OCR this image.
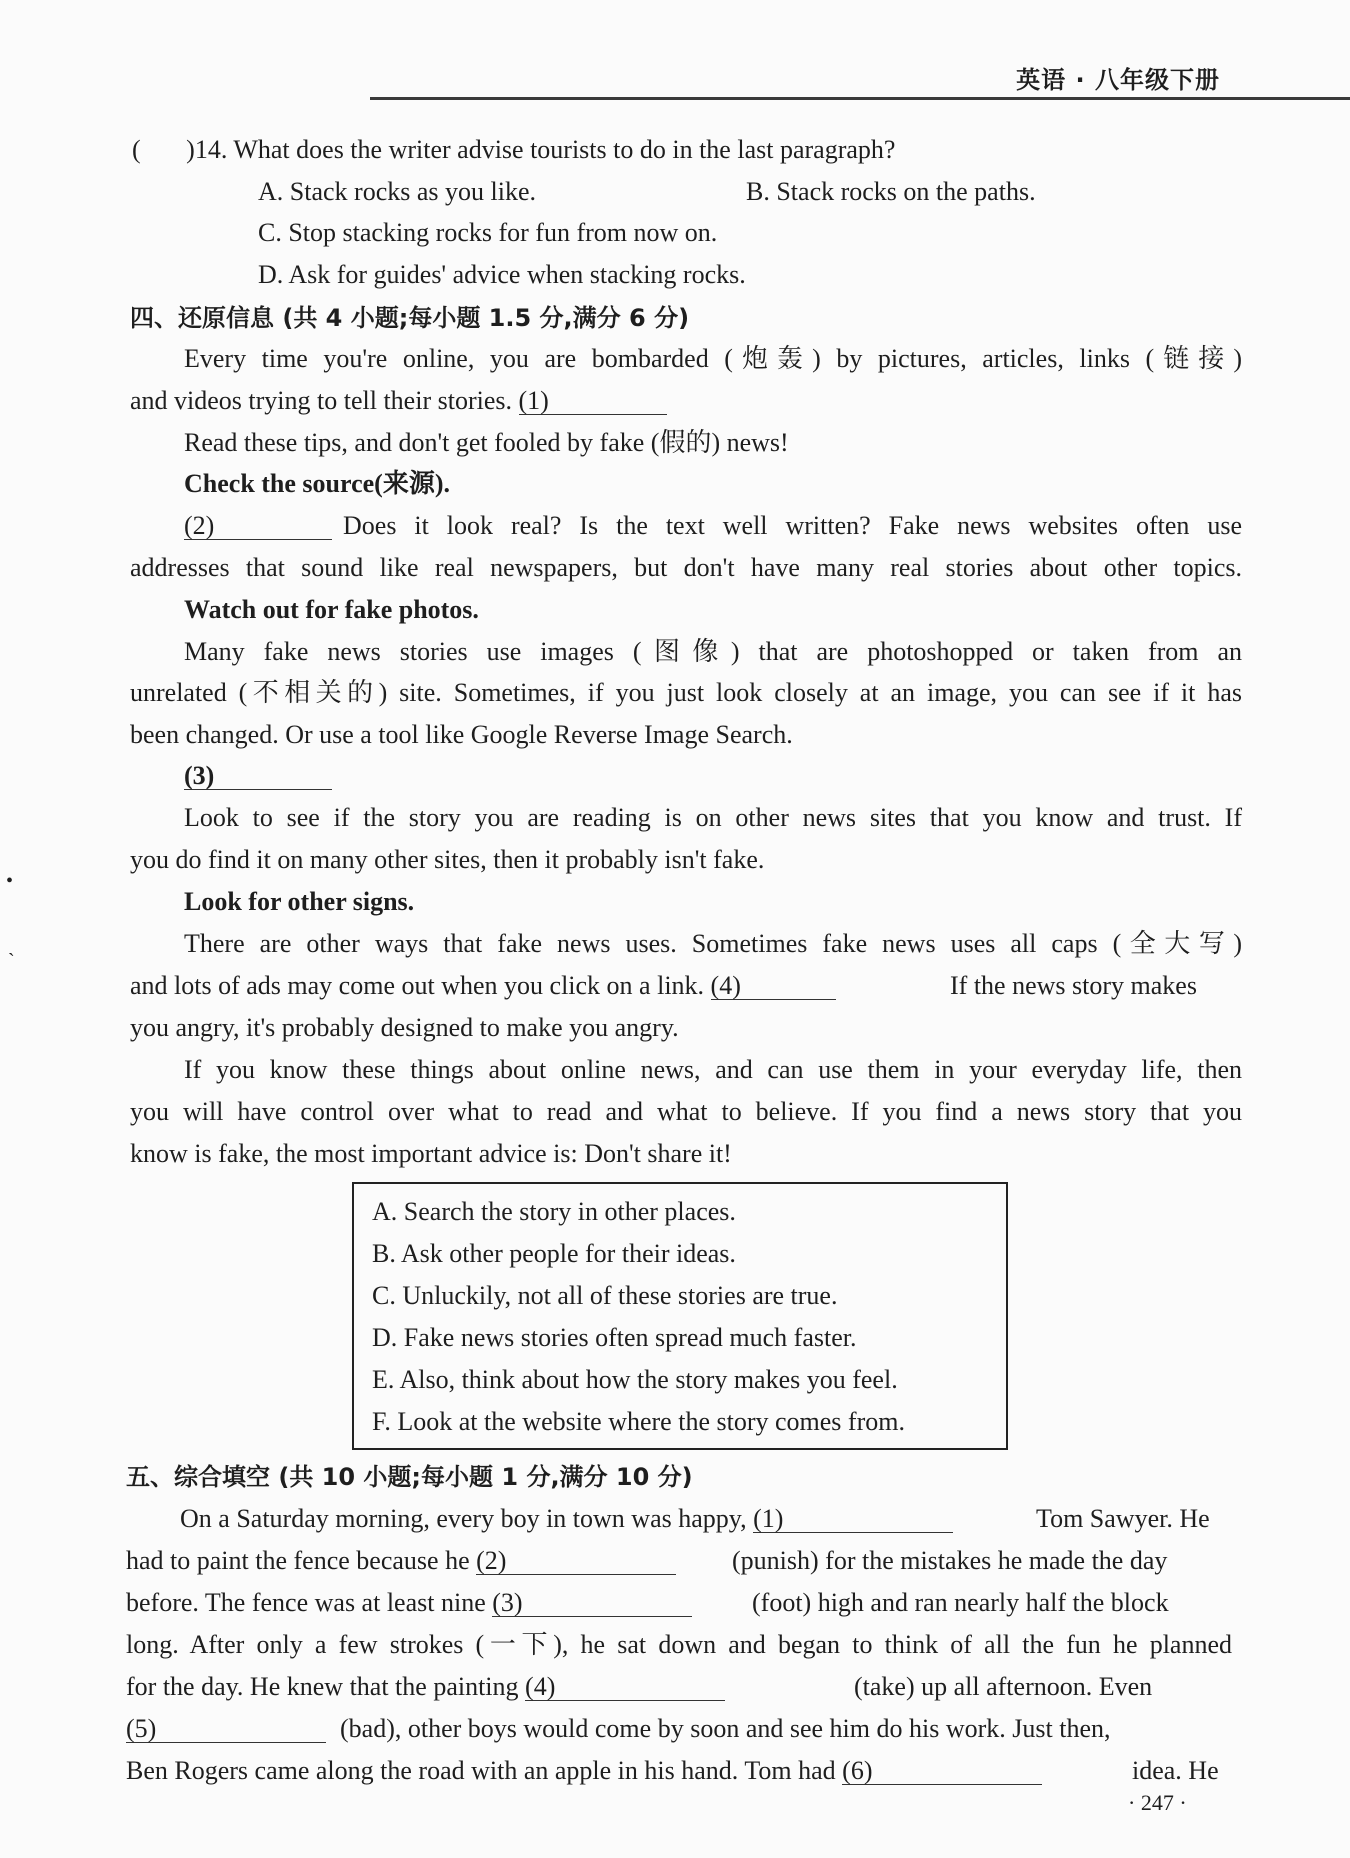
英语 · 八年级下册
(       )14. What does the writer advise tourists to do in the last paragraph?
A. Stack rocks as you like.	B. Stack rocks on the paths.
C. Stop stacking rocks for fun from now on.
D. Ask for guides' advice when stacking rocks.
四、还原信息 (共 4 小题;每小题 1.5 分,满分 6 分)
Every time you're online, you are bombarded (炮轰) by pictures, articles, links (链接)
and videos trying to tell their stories. (1)
Read these tips, and don't get fooled by fake (假的) news!
Check the source(来源).
(2)	Does it look real? Is the text well written? Fake news websites often use
addresses that sound like real newspapers, but don't have many real stories about other topics.
Watch out for fake photos.
Many fake news stories use images (图像) that are photoshopped or taken from an
unrelated (不相关的) site. Sometimes, if you just look closely at an image, you can see if it has
been changed. Or use a tool like Google Reverse Image Search.
(3)
Look to see if the story you are reading is on other news sites that you know and trust. If
you do find it on many other sites, then it probably isn't fake.
Look for other signs.
There are other ways that fake news uses. Sometimes fake news uses all caps (全大写)
and lots of ads may come out when you click on a link. (4)	If the news story makes
you angry, it's probably designed to make you angry.
If you know these things about online news, and can use them in your everyday life, then
you will have control over what to read and what to believe. If you find a news story that you
know is fake, the most important advice is: Don't share it!
A. Search the story in other places.
B. Ask other people for their ideas.
C. Unluckily, not all of these stories are true.
D. Fake news stories often spread much faster.
E. Also, think about how the story makes you feel.
F. Look at the website where the story comes from.
五、综合填空 (共 10 小题;每小题 1 分,满分 10 分)
On a Saturday morning, every boy in town was happy, (1)	Tom Sawyer. He
had to paint the fence because he (2)	(punish) for the mistakes he made the day
before. The fence was at least nine (3)	(foot) high and ran nearly half the block
long. After only a few strokes (一下), he sat down and began to think of all the fun he planned
for the day. He knew that the painting (4)	(take) up all afternoon. Even
(5)	(bad), other boys would come by soon and see him do his work. Just then,
Ben Rogers came along the road with an apple in his hand. Tom had (6)	idea. He
· 247 ·
•
ˋ
